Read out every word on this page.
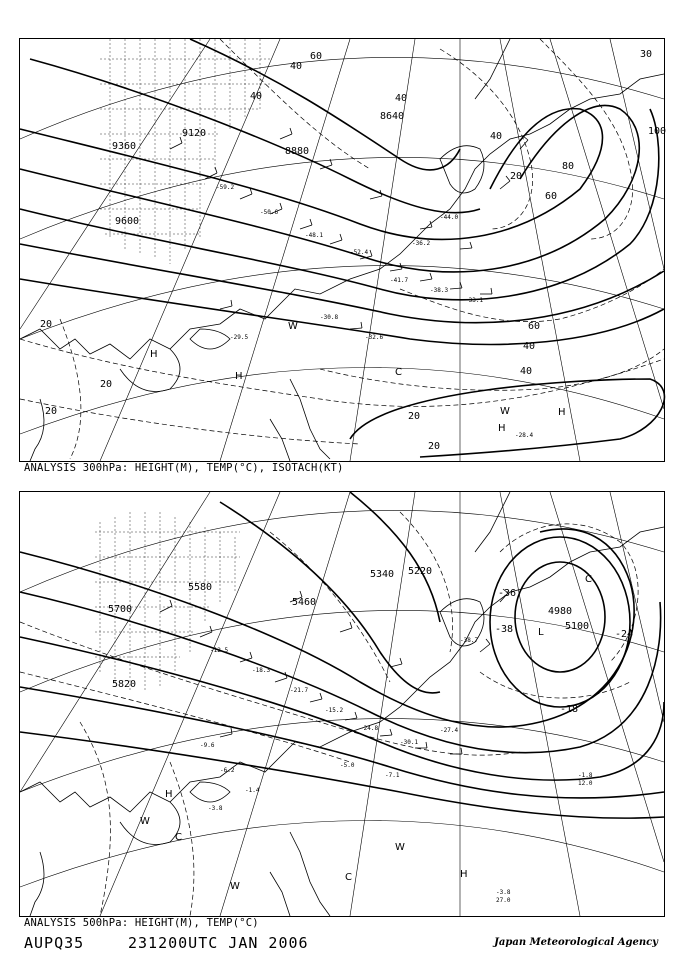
9120
9360
9600
8640
8880
30
100
40
40
40
60
40
40
20
20
20	20
20
20
60
40
60
80
H
H
H
H
C
W
W
-59.2
-50.6
-48.1
-52.4
-41.7
-38.3
-33.1
-36.2
-44.0
-30.8
-29.5	-32.6
-28.4
ANALYSIS 300hPa: HEIGHT(M), TEMP(°C), ISOTACH(KT)
5580
5700
5820
5340 5220
4980
5100
5460
-36
-38	-24
-18
H
C
C
C
H
L
W
W
W
-12.5
-18.3
-21.7
-15.2
-24.8
-30.1
-9.6
-6.2
-3.8
-1.4
-38.7
-27.4
-7.1
-5.0
-3.8
27.0
-1.8
12.0
ANALYSIS 500hPa: HEIGHT(M), TEMP(°C)
AUPQ35	231200UTC JAN 2006	Japan Meteorological Agency
